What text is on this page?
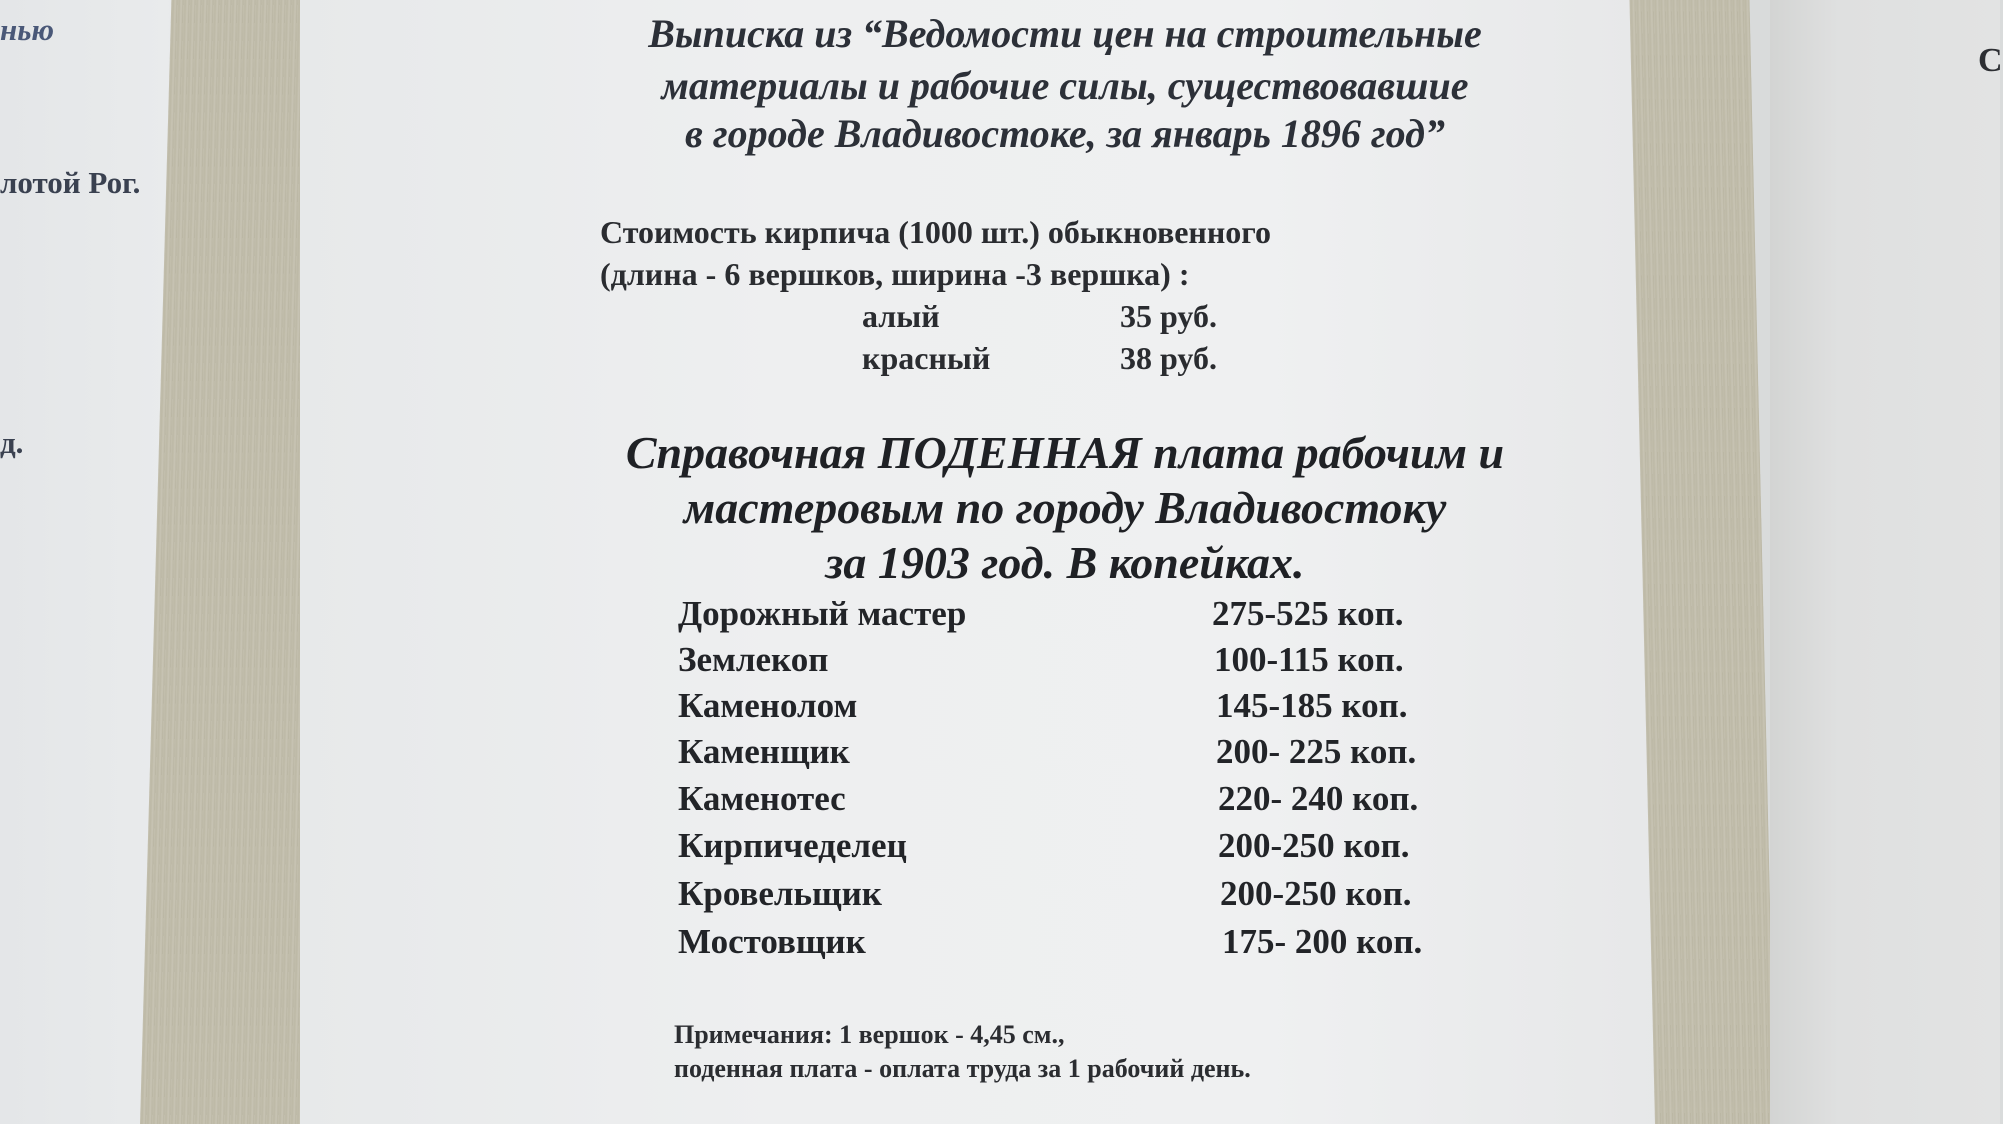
нью
лотой Рог.
д.
С
Выписка из “Ведомости цен на строительные
материалы и рабочие силы, существовавшие
в городе Владивостоке, за январь 1896 год”
Стоимость кирпича (1000 шт.) обыкновенного
(длина - 6 вершков, ширина -3 вершка) :
алый	35 руб.
красный	38 руб.
Справочная ПОДЕННАЯ плата рабочим и
мастеровым по городу Владивостоку
за 1903 год. В копейках.
Дорожный мастер	275-525 коп.
Землекоп	100-115 коп.
Каменолом	145-185 коп.
Каменщик	200- 225 коп.
Каменотес	220- 240 коп.
Кирпичеделец	200-250 коп.
Кровельщик	200-250 коп.
Мостовщик	175- 200 коп.
Примечания: 1 вершок - 4,45 см.,
поденная плата - оплата труда за 1 рабочий день.
